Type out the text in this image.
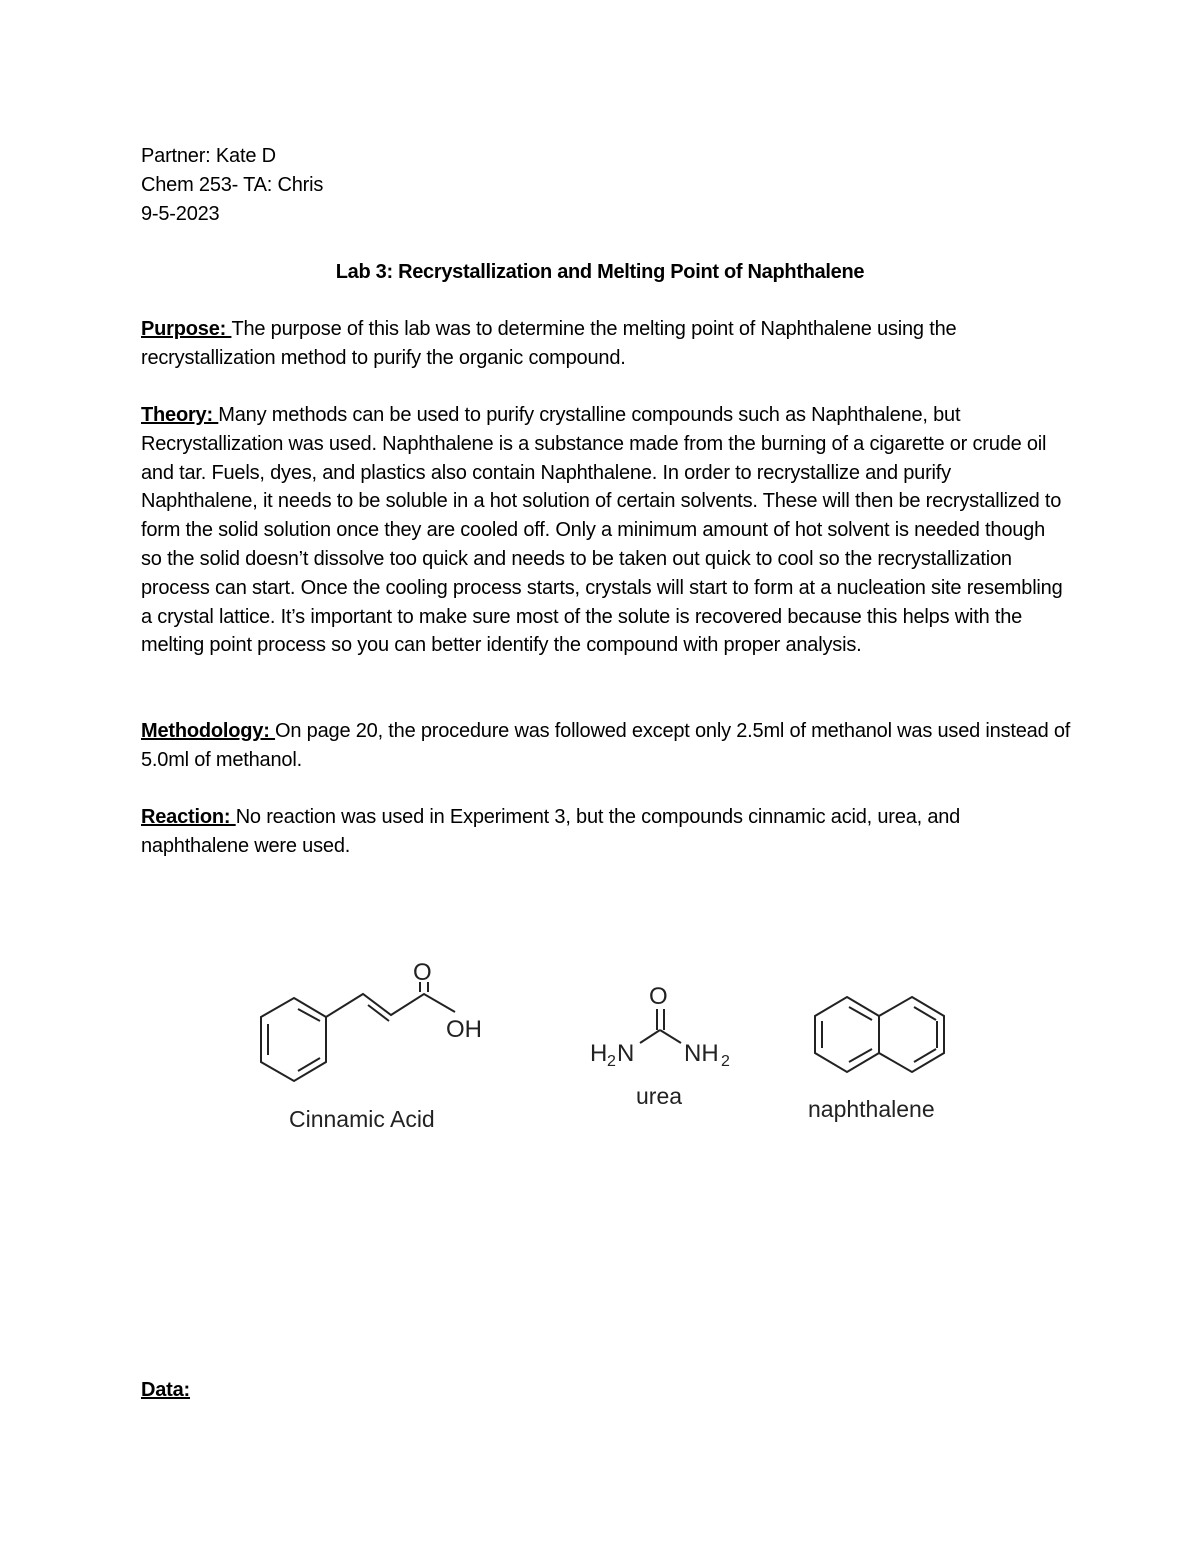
Partner: Kate D
Chem 253- TA: Chris
9-5-2023
Lab 3: Recrystallization and Melting Point of Naphthalene
Purpose: The purpose of this lab was to determine the melting point of Naphthalene using the recrystallization method to purify the organic compound.
Theory: Many methods can be used to purify crystalline compounds such as Naphthalene, but Recrystallization was used. Naphthalene is a substance made from the burning of a cigarette or crude oil and tar. Fuels, dyes, and plastics also contain Naphthalene. In order to recrystallize and purify Naphthalene, it needs to be soluble in a hot solution of certain solvents. These will then be recrystallized to form the solid solution once they are cooled off. Only a minimum amount of hot solvent is needed though so the solid doesn’t dissolve too quick and needs to be taken out quick to cool so the recrystallization process can start. Once the cooling process starts, crystals will start to form at a nucleation site resembling a crystal lattice. It’s important to make sure most of the solute is recovered because this helps with the melting point process so you can better identify the compound with proper analysis.
Methodology: On page 20, the procedure was followed except only 2.5ml of methanol was used instead of 5.0ml of methanol.
Reaction: No reaction was used in Experiment 3, but the compounds cinnamic acid, urea, and naphthalene were used.
O
OH
Cinnamic Acid
O
H 2 N NH 2
urea	naphthalene
Data:
